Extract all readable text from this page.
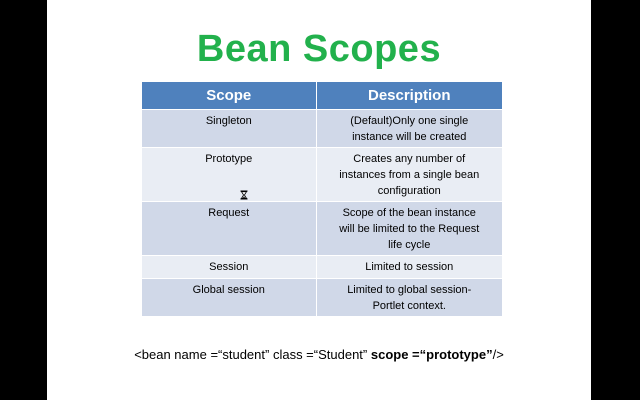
Bean Scopes
Scope	Description
Singleton	(Default)Only one single
instance will be created

Prototype	Creates any number of
instances from a single bean
configuration

Request	Scope of the bean instance
will be limited to the Request
life cycle

Session	Limited to session

Global session	Limited to global session-
Portlet context.
<bean name =“student” class =“Student” scope =“prototype”/>
